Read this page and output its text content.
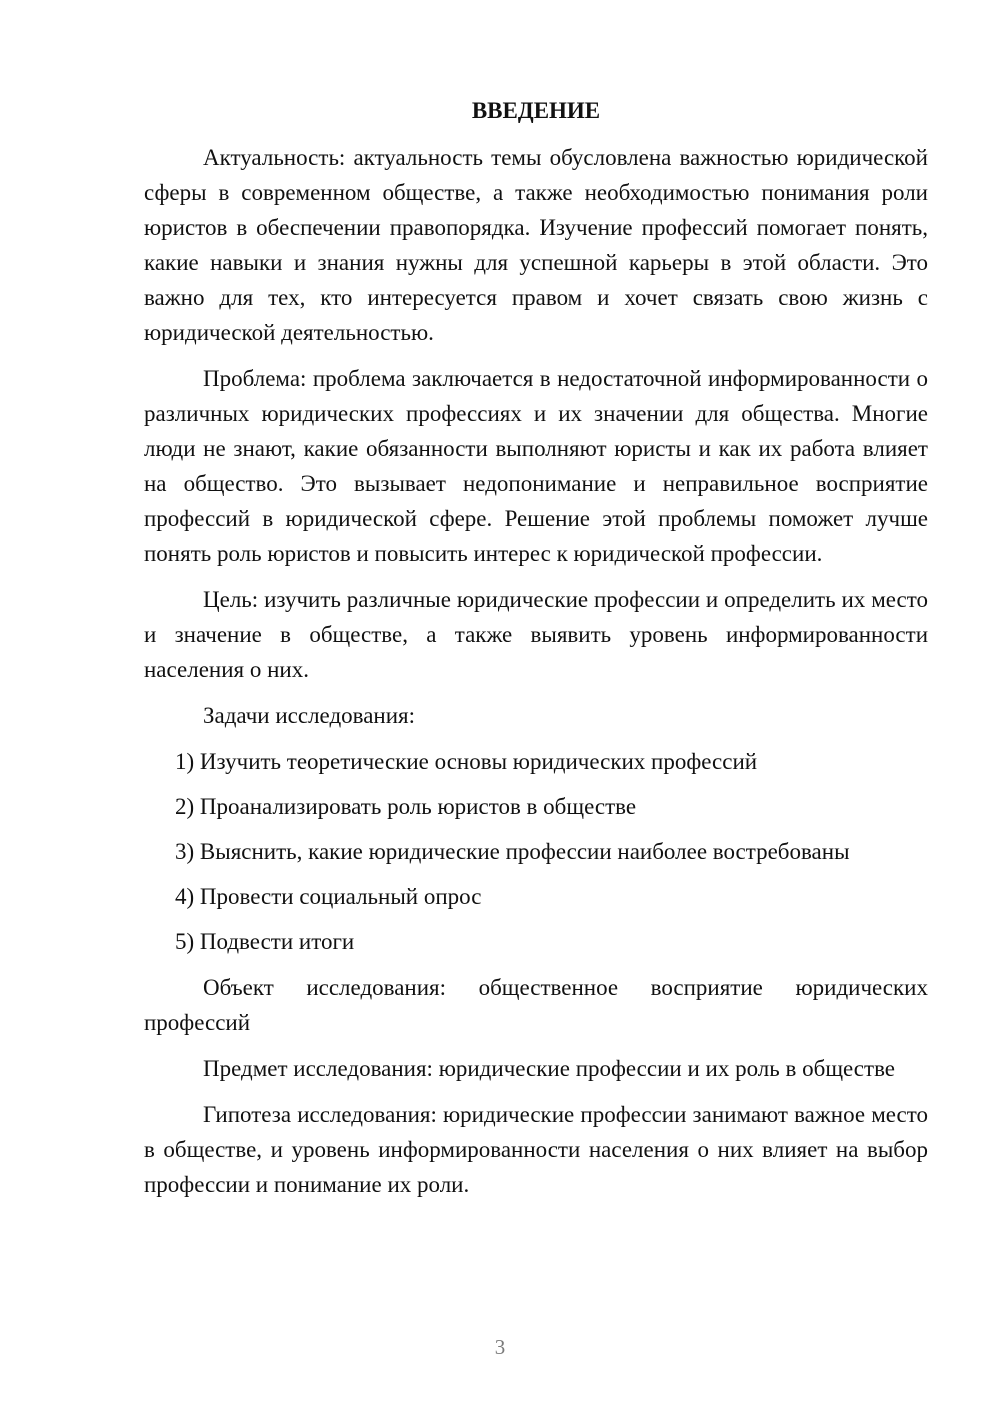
ВВЕДЕНИЕ

Актуальность: актуальность темы обусловлена важностью юридической сферы в современном обществе, а также необходимостью понимания роли юристов в обеспечении правопорядка. Изучение профессий помогает понять, какие навыки и знания нужны для успешной карьеры в этой области. Это важно для тех, кто интересуется правом и хочет связать свою жизнь с юридической деятельностью.

Проблема: проблема заключается в недостаточной информированности о различных юридических профессиях и их значении для общества. Многие люди не знают, какие обязанности выполняют юристы и как их работа влияет на общество. Это вызывает недопонимание и неправильное восприятие профессий в юридической сфере. Решение этой проблемы поможет лучше понять роль юристов и повысить интерес к юридической профессии.

Цель: изучить различные юридические профессии и определить их место и значение в обществе, а также выявить уровень информированности населения о них.

Задачи исследования:
1) Изучить теоретические основы юридических профессий
2) Проанализировать роль юристов в обществе
3) Выяснить, какие юридические профессии наиболее востребованы
4) Провести социальный опрос
5) Подвести итоги

Объект исследования: общественное восприятие юридических профессий

Предмет исследования: юридические профессии и их роль в обществе

Гипотеза исследования: юридические профессии занимают важное место в обществе, и уровень информированности населения о них влияет на выбор профессии и понимание их роли.

3
